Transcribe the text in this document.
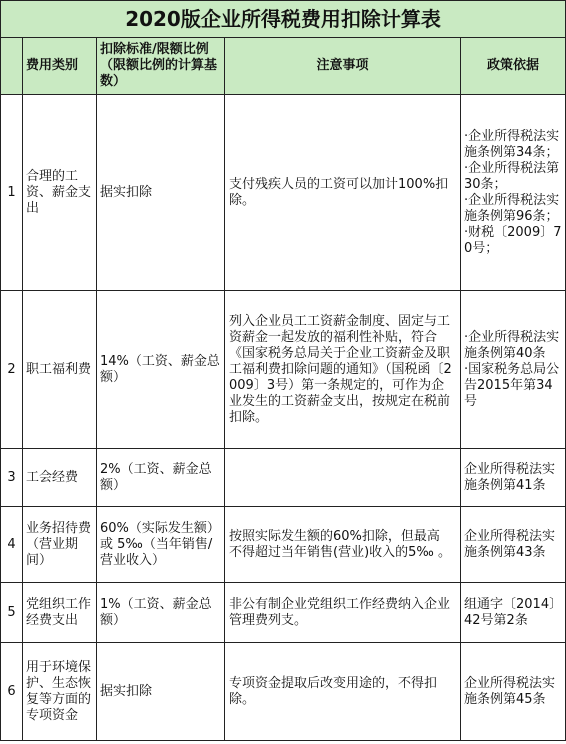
2020版企业所得税费用扣除计算表				
	费用类别	扣除标准/限额比例（限额比例的计算基数）	注意事项	政策依据
1	合理的工资、薪金支出	据实扣除	支付残疾人员的工资可以加计100%扣除。	·企业所得税法实施条例第34条；
·企业所得税法第30条；
·企业所得税法实施条例第96条；
·财税〔2009〕70号；

2	职工福利费	14%（工资、薪金总额）	列入企业员工工资薪金制度、固定与工资薪金一起发放的福利性补贴，符合《国家税务总局关于企业工资薪金及职工福利费扣除问题的通知》（国税函〔2009〕3号）第一条规定的，可作为企业发生的工资薪金支出，按规定在税前扣除。	·企业所得税法实施条例第40条
·国家税务总局公告2015年第34号

3	工会经费	2%（工资、薪金总额）		企业所得税法实施条例第41条

4	业务招待费（营业期间）	60%（实际发生额）或 5‰（当年销售/营业收入）	按照实际发生额的60%扣除，但最高不得超过当年销售(营业)收入的5‰ 。	企业所得税法实施条例第43条

5	党组织工作经费支出	1%（工资、薪金总额）	非公有制企业党组织工作经费纳入企业管理费列支。	组通字〔2014〕42号第2条

6	用于环境保护、生态恢复等方面的专项资金	据实扣除	专项资金提取后改变用途的，不得扣除。	企业所得税法实施条例第45条
